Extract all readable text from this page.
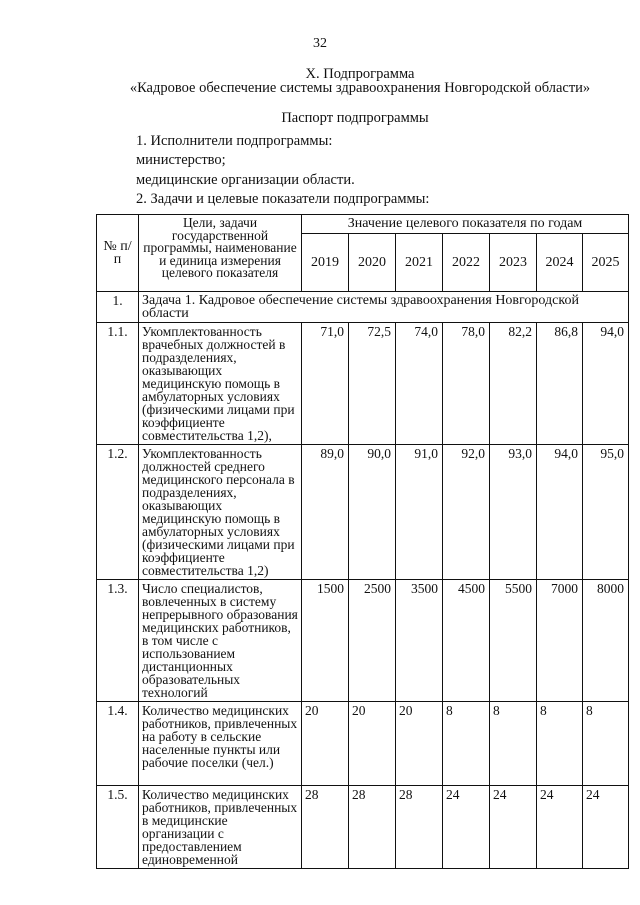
32
X. Подпрограмма
«Кадровое обеспечение системы здравоохранения Новгородской области»
Паспорт подпрограммы
1. Исполнители подпрограммы:
министерство;
медицинские организации области.
2. Задачи и целевые показатели подпрограммы:
№ п/п	Цели, задачи государственной программы, наименование и единица измерения целевого показателя	Значение целевого показателя по годам						
		2019	2020	2021	2022	2023	2024	2025
1.	Задача 1. Кадровое обеспечение системы здравоохранения Новгородской области							
1.1.	Укомплектованность врачебных должностей в подразделениях, оказывающих медицинскую помощь в амбулаторных условиях (физическими лицами при коэффициенте совместительства 1,2),	71,0	72,5	74,0	78,0	82,2	86,8	94,0
1.2.	Укомплектованность должностей среднего медицинского персонала в подразделениях, оказывающих медицинскую помощь в амбулаторных условиях (физическими лицами при коэффициенте совместительства 1,2)	89,0	90,0	91,0	92,0	93,0	94,0	95,0
1.3.	Число специалистов, вовлеченных в систему непрерывного образования медицинских работников, в том числе с использованием дистанционных образовательных технологий	1500	2500	3500	4500	5500	7000	8000
1.4.	Количество медицинских работников, привлеченных на работу в сельские населенные пункты или рабочие поселки (чел.)	20	20	20	8	8	8	8
1.5.	Количество медицинских работников, привлеченных в медицинские организации с предоставлением единовременной	28	28	28	24	24	24	24
